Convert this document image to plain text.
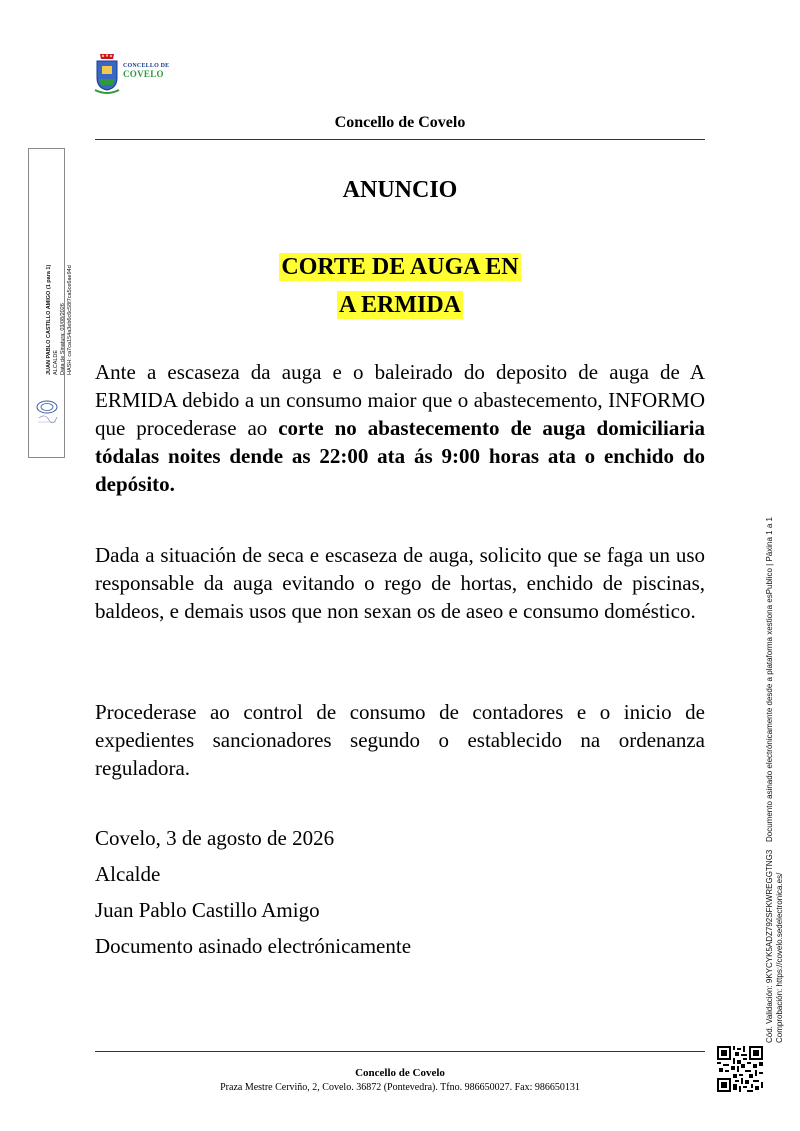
CONCELLO DE
COVELO
Concello de Covelo
ANUNCIO
CORTE DE AUGA EN
A ERMIDA
Ante a escaseza da auga e o baleirado do deposito de auga de A ERMIDA debido a un consumo maior que o abastecemento, INFORMO que procederase ao corte no abastecemento de auga domiciliaria tódalas noites dende as 22:00 ata ás 9:00 horas ata o enchido do depósito.
Dada a situación de seca e escaseza de auga, solicito que se faga un uso responsable da auga evitando o rego de hortas, enchido de piscinas, baldeos, e demais usos que non sexan os de aseo e consumo doméstico.
Procederase ao control de consumo de contadores e o inicio de expedientes sancionadores segundo o establecido na ordenanza reguladora.
Covelo, 3 de agosto de 2026
Alcalde
Juan Pablo Castillo Amigo
Documento asinado electrónicamente
Concello de Covelo
Praza Mestre Cerviño, 2, Covelo. 36872 (Pontevedra). Tfno. 986650027. Fax: 986650131
JUAN PABLO CASTILLO AMIGO (1 para 1) ALCALDE Data de Sinatura: 03/08/2026 HASH: ca7ca154a3eb6c6c58f7ca5ce6ae94d
Cód. Validación: 9KYCYK5ADZ792SFKWREGGTNG3 Comprobación: https://covelo.sedelectronica.es/
Documento asinado electrónicamente desde a plataforma xestiona esPublico | Páxina 1 a 1
